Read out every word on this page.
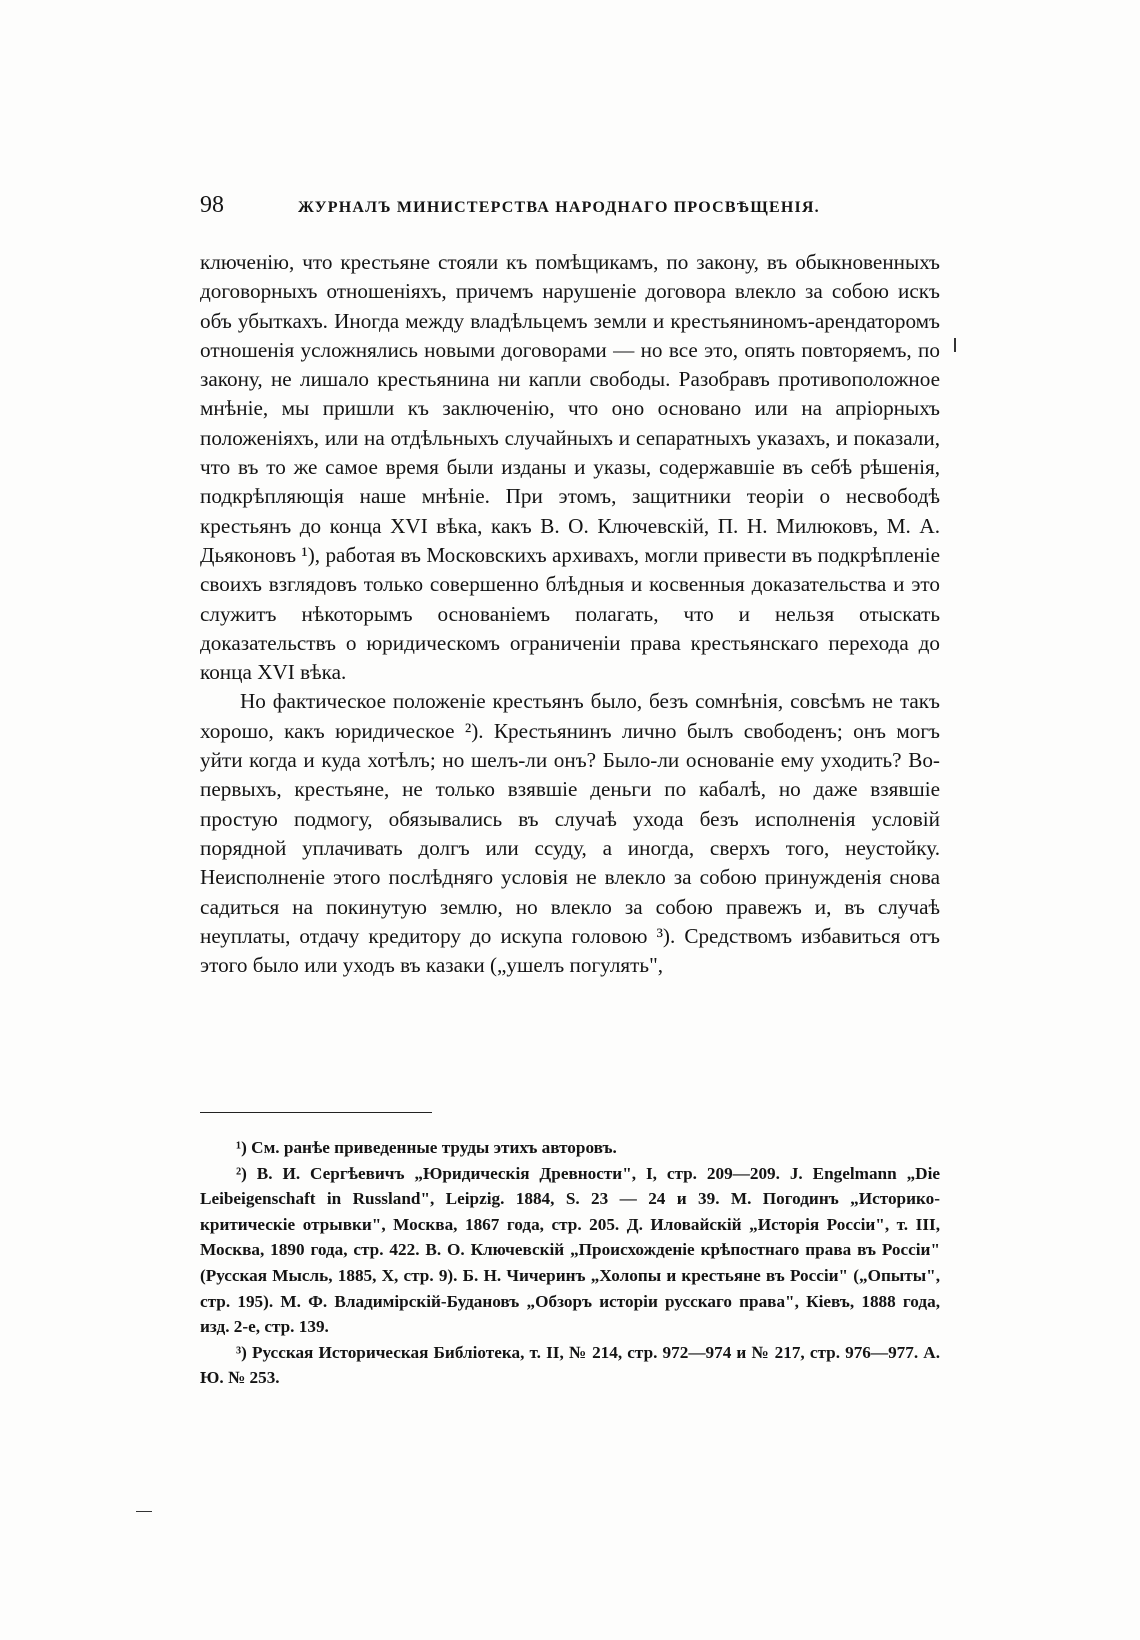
98	ЖУРНАЛЪ МИНИСТЕРСТВА НАРОДНАГО ПРОСВѢЩЕНІЯ.

ключенію, что крестьяне стояли къ помѣщикамъ, по закону, въ обыкновенныхъ договорныхъ отношеніяхъ, причемъ нарушеніе договора влекло за собою искъ объ убыткахъ. Иногда между владѣльцемъ земли и крестьяниномъ-арендаторомъ отношенія усложнялись новыми договорами — но все это, опять повторяемъ, по закону, не лишало крестьянина ни капли свободы. Разобравъ противоположное мнѣніе, мы пришли къ заключенію, что оно основано или на апріорныхъ положеніяхъ, или на отдѣльныхъ случайныхъ и сепаратныхъ указахъ, и показали, что въ то же самое время были изданы и указы, содержавшіе въ себѣ рѣшенія, подкрѣпляющія наше мнѣніе. При этомъ, защитники теоріи о несвободѣ крестьянъ до конца XVI вѣка, какъ В. О. Ключевскій, П. Н. Милюковъ, М. А. Дьяконовъ ¹), работая въ Московскихъ архивахъ, могли привести въ подкрѣпленіе своихъ взглядовъ только совершенно блѣдныя и косвенныя доказательства и это служитъ нѣкоторымъ основаніемъ полагать, что и нельзя отыскать доказательствъ о юридическомъ ограниченіи права крестьянскаго перехода до конца XVI вѣка.

Но фактическое положеніе крестьянъ было, безъ сомнѣнія, совсѣмъ не такъ хорошо, какъ юридическое ²). Крестьянинъ лично былъ свободенъ; онъ могъ уйти когда и куда хотѣлъ; но шелъ-ли онъ? Было-ли основаніе ему уходить? Во-первыхъ, крестьяне, не только взявшіе деньги по кабалѣ, но даже взявшіе простую подмогу, обязывались въ случаѣ ухода безъ исполненія условій порядной уплачивать долгъ или ссуду, а иногда, сверхъ того, неустойку. Неисполненіе этого послѣдняго условія не влекло за собою принужденія снова садиться на покинутую землю, но влекло за собою правежъ и, въ случаѣ неуплаты, отдачу кредитору до искупа головою ³). Средствомъ избавиться отъ этого было или уходъ въ казаки („ушелъ погулять",

¹) См. ранѣе приведенные труды этихъ авторовъ.

²) В. И. Сергѣевичъ „Юридическія Древности", I, стр. 209—209. J. Engelmann „Die Leibeigenschaft in Russland", Leipzig. 1884, S. 23 — 24 и 39. М. Погодинъ „Историко-критическіе отрывки", Москва, 1867 года, стр. 205. Д. Иловайскій „Исторія Россіи", т. III, Москва, 1890 года, стр. 422. В. О. Ключевскій „Происхожденіе крѣпостнаго права въ Россіи" (Русская Мысль, 1885, X, стр. 9). Б. Н. Чичеринъ „Холопы и крестьяне въ Россіи" („Опыты", стр. 195). М. Ф. Владимірскій-Будановъ „Обзоръ исторіи русскаго права", Кіевъ, 1888 года, изд. 2-е, стр. 139.

³) Русская Историческая Библіотека, т. II, № 214, стр. 972—974 и № 217, стр. 976—977. А. Ю. № 253.
